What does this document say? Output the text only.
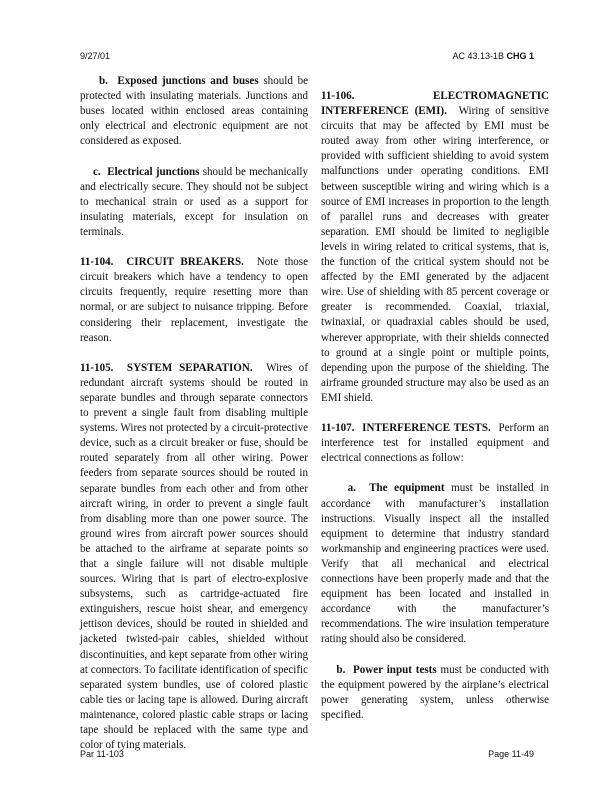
9/27/01	AC 43.13-1B CHG 1

b.  Exposed junctions and buses should be protected with insulating materials. Junctions and buses located within enclosed areas containing only electrical and electronic equipment are not considered as exposed.

c.  Electrical junctions should be mechanically and electrically secure. They should not be subject to mechanical strain or used as a support for insulating materials, except for insulation on terminals.

11-104.  CIRCUIT BREAKERS.  Note those circuit breakers which have a tendency to open circuits frequently, require resetting more than normal, or are subject to nuisance tripping. Before considering their replacement, investigate the reason.

11-105.  SYSTEM SEPARATION.  Wires of redundant aircraft systems should be routed in separate bundles and through separate connectors to prevent a single fault from disabling multiple systems. Wires not protected by a circuit-protective device, such as a circuit breaker or fuse, should be routed separately from all other wiring. Power feeders from separate sources should be routed in separate bundles from each other and from other aircraft wiring, in order to prevent a single fault from disabling more than one power source. The ground wires from aircraft power sources should be attached to the airframe at separate points so that a single failure will not disable multiple sources. Wiring that is part of electro-explosive subsystems, such as cartridge-actuated fire extinguishers, rescue hoist shear, and emergency jettison devices, should be routed in shielded and jacketed twisted-pair cables, shielded without discontinuities, and kept separate from other wiring at connectors. To facilitate identification of specific separated system bundles, use of colored plastic cable ties or lacing tape is allowed. During aircraft maintenance, colored plastic cable straps or lacing tape should be replaced with the same type and color of tying materials.

11-106.  ELECTROMAGNETIC INTERFERENCE (EMI).  Wiring of sensitive circuits that may be affected by EMI must be routed away from other wiring interference, or provided with sufficient shielding to avoid system malfunctions under operating conditions. EMI between susceptible wiring and wiring which is a source of EMI increases in proportion to the length of parallel runs and decreases with greater separation. EMI should be limited to negligible levels in wiring related to critical systems, that is, the function of the critical system should not be affected by the EMI generated by the adjacent wire. Use of shielding with 85 percent coverage or greater is recommended. Coaxial, triaxial, twinaxial, or quadraxial cables should be used, wherever appropriate, with their shields connected to ground at a single point or multiple points, depending upon the purpose of the shielding. The airframe grounded structure may also be used as an EMI shield.

11-107.  INTERFERENCE TESTS.  Perform an interference test for installed equipment and electrical connections as follow:

a.  The equipment must be installed in accordance with manufacturer’s installation instructions. Visually inspect all the installed equipment to determine that industry standard workmanship and engineering practices were used. Verify that all mechanical and electrical connections have been properly made and that the equipment has been located and installed in accordance with the manufacturer’s recommendations. The wire insulation temperature rating should also be considered.

b.  Power input tests must be conducted with the equipment powered by the airplane’s electrical power generating system, unless otherwise specified.

Par 11-103	Page 11-49
